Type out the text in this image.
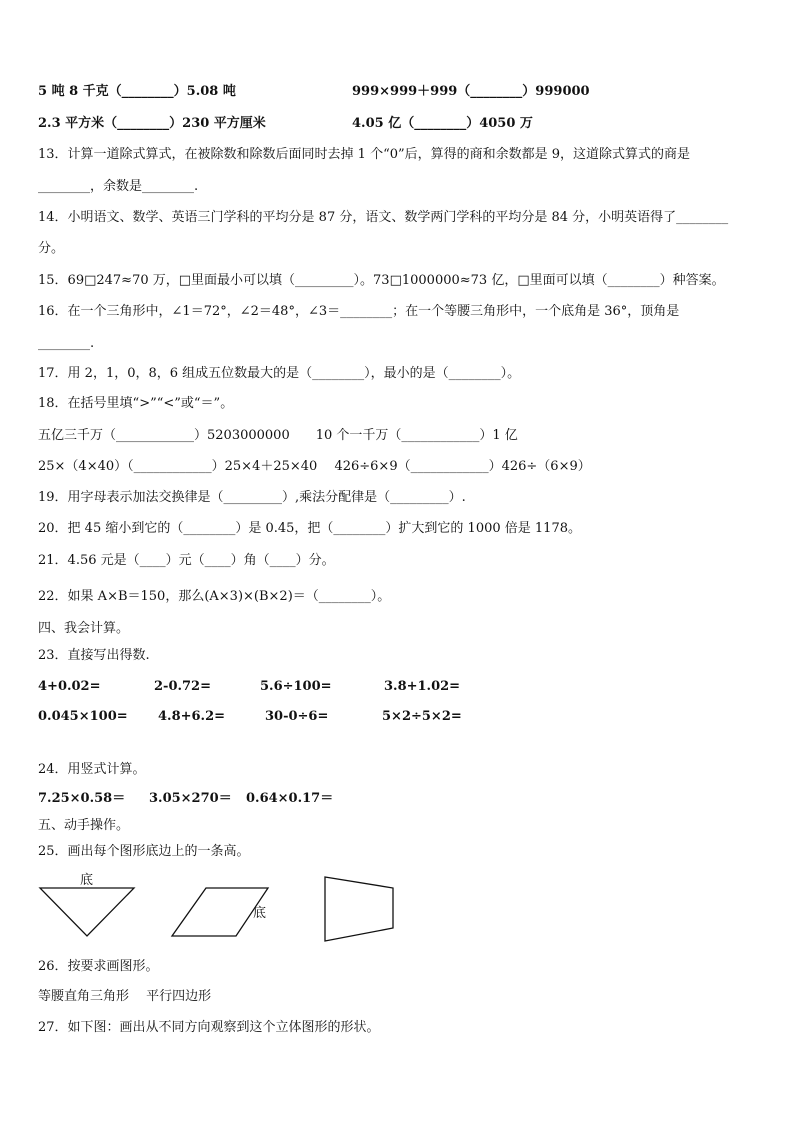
5 吨 8 千克（________）5.08 吨	999×999＋999（________）999000
2.3 平方米（________）230 平方厘米	4.05 亿（________）4050 万
13．计算一道除式算式，在被除数和除数后面同时去掉 1 个“0”后，算得的商和余数都是 9，这道除式算式的商是
________，余数是________.
14．小明语文、数学、英语三门学科的平均分是 87 分，语文、数学两门学科的平均分是 84 分，小明英语得了________
分。
15．69□247≈70 万，□里面最小可以填（_________）。73□1000000≈73 亿，□里面可以填（________）种答案。
16．在一个三角形中，∠1＝72°，∠2＝48°，∠3＝________；在一个等腰三角形中，一个底角是 36°，顶角是
________.
17．用 2，1，0，8，6 组成五位数最大的是（________），最小的是（________）。
18．在括号里填“>”“<”或“＝”。
五亿三千万（____________）5203000000　　10 个一千万（____________）1 亿
25×（4×40）（____________）25×4＋25×40　 426÷6×9（____________）426÷（6×9）
19．用字母表示加法交换律是（_________）,乘法分配律是（_________）.
20．把 45 缩小到它的（________）是 0.45，把（________）扩大到它的 1000 倍是 1178。
21．4.56 元是（____）元（____）角（____）分。
22．如果 A×B＝150，那么(A×3)×(B×2)＝（________）。
四、我会计算。
23．直接写出得数.
4+0.02=	2-0.72=	5.6÷100=	3.8+1.02=
0.045×100= 4.8+6.2=	30-0÷6=	5×2÷5×2=
24．用竖式计算。
7.25×0.58＝ 3.05×270＝ 0.64×0.17＝
五、动手操作。
25．画出每个图形底边上的一条高。
底
底
26．按要求画图形。
等腰直角三角形　 平行四边形
27．如下图：画出从不同方向观察到这个立体图形的形状。
